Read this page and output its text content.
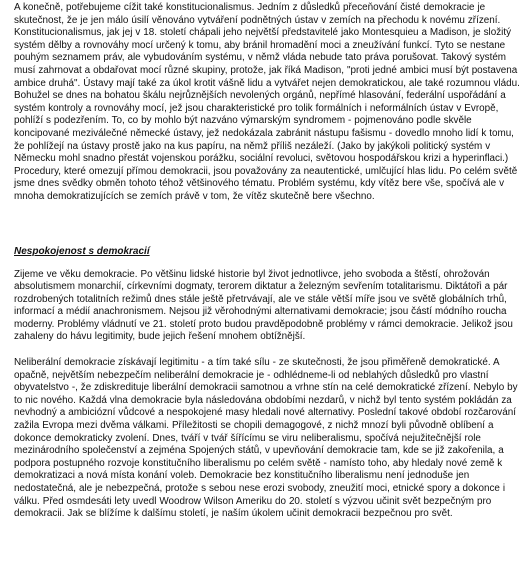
A konečně, potřebujeme cížit také konstitucionalismus. Jedním z důsledků přeceňování čisté demokracie je skutečnost, že je jen málo úsilí věnováno vytváření podnětných ústav v zemích na přechodu k novému zřízení. Konstitucionalismus, jak jej v 18. století chápali jeho největší představitelé jako Montesquieu a Madison, je složitý systém dělby a rovnováhy mocí určený k tomu, aby bránil hromadění moci a zneužívání funkcí. Tyto se nestane pouhým seznamem práv, ale vybudováním systému, v němž vláda nebude tato práva porušovat. Takový systém musí zahrnovat a obdařovat mocí různé skupiny, protože, jak říká Madison, "proti jedné ambici musí být postavena ambice druhá". Ústavy mají také za úkol krotit vášně lidu a vytvářet nejen demokratickou, ale také rozumnou vládu. Bohužel se dnes na bohatou škálu nejrůznějších nevolených orgánů, nepřímé hlasování, federální uspořádání a systém kontroly a rovnováhy mocí, jež jsou charakteristické pro tolik formálních i neformálních ústav v Evropě, pohlíží s podezřením. To, co by mohlo být nazváno výmarským syndromem - pojmenováno podle skvěle koncipované meziválečné německé ústavy, jež nedokázala zabránit nástupu fašismu - dovedlo mnoho lidí k tomu, že pohlížejí na ústavy prostě jako na kus papíru, na němž příliš nezáleží. (Jako by jakýkoli politický systém v Německu mohl snadno přestát vojenskou porážku, sociální revoluci, světovou hospodářskou krizi a hyperinflaci.) Procedury, které omezují přímou demokracii, jsou považovány za neautentické, umlčující hlas lidu. Po celém světě jsme dnes svědky obměn tohoto téhož většinového tématu. Problém systému, kdy vítěz bere vše, spočívá ale v mnoha demokratizujících se zemích právě v tom, že vítěz skutečně bere všechno.

Nespokojenost s demokracií

Zijeme ve věku demokracie. Po většinu lidské historie byl život jednotlivce, jeho svoboda a štěstí, ohrožován absolutismem monarchií, církevními dogmaty, terorem diktatur a železným sevřením totalitarismu. Diktátoři a pár rozdrobených totalitních režimů dnes stále ještě přetrvávají, ale ve stále větší míře jsou ve světě globálních trhů, informací a médií anachronismem. Nejsou již věrohodnými alternativami demokracie; jsou částí módního roucha moderny. Problémy vládnutí ve 21. století proto budou pravděpodobně problémy v rámci demokracie. Jelikož jsou zahaleny do hávu legitimity, bude jejich řešení mnohem obtížnější.

Neliberální demokracie získávají legitimitu - a tím také sílu - ze skutečnosti, že jsou přiměřeně demokratické. A opačně, největším nebezpečím neliberální demokracie je - odhlédneme-li od neblahých důsledků pro vlastní obyvatelstvo -, že zdiskredituje liberální demokracii samotnou a vrhne stín na celé demokratické zřízení. Nebylo by to nic nového. Každá vlna demokracie byla následována obdobími nezdarů, v nichž byl tento systém pokládán za nevhodný a ambiciózní vůdcové a nespokojené masy hledali nové alternativy. Poslední takové období rozčarování zažila Evropa mezi dvěma válkami. Příležitosti se chopili demagogové, z nichž mnozí byli původně oblíbení a dokonce demokraticky zvolení. Dnes, tváří v tvář šířícímu se viru neliberalismu, spočívá nejužitečnější role mezinárodního společenství a zejména Spojených států, v upevňování demokracie tam, kde se již zakořenila, a podpora postupného rozvoje konstitučního liberalismu po celém světě - namísto toho, aby hledaly nové země k demokratizaci a nová místa konání voleb. Demokracie bez konstitučního liberalismu není jednoduše jen nedostatečná, ale je nebezpečná, protože s sebou nese erozi svobody, zneužití moci, etnické spory a dokonce i válku. Před osmdesáti lety uvedl Woodrow Wilson Ameriku do 20. století s výzvou učinit svět bezpečným pro demokracii. Jak se blížíme k dalšímu století, je naším úkolem učinit demokracii bezpečnou pro svět.
